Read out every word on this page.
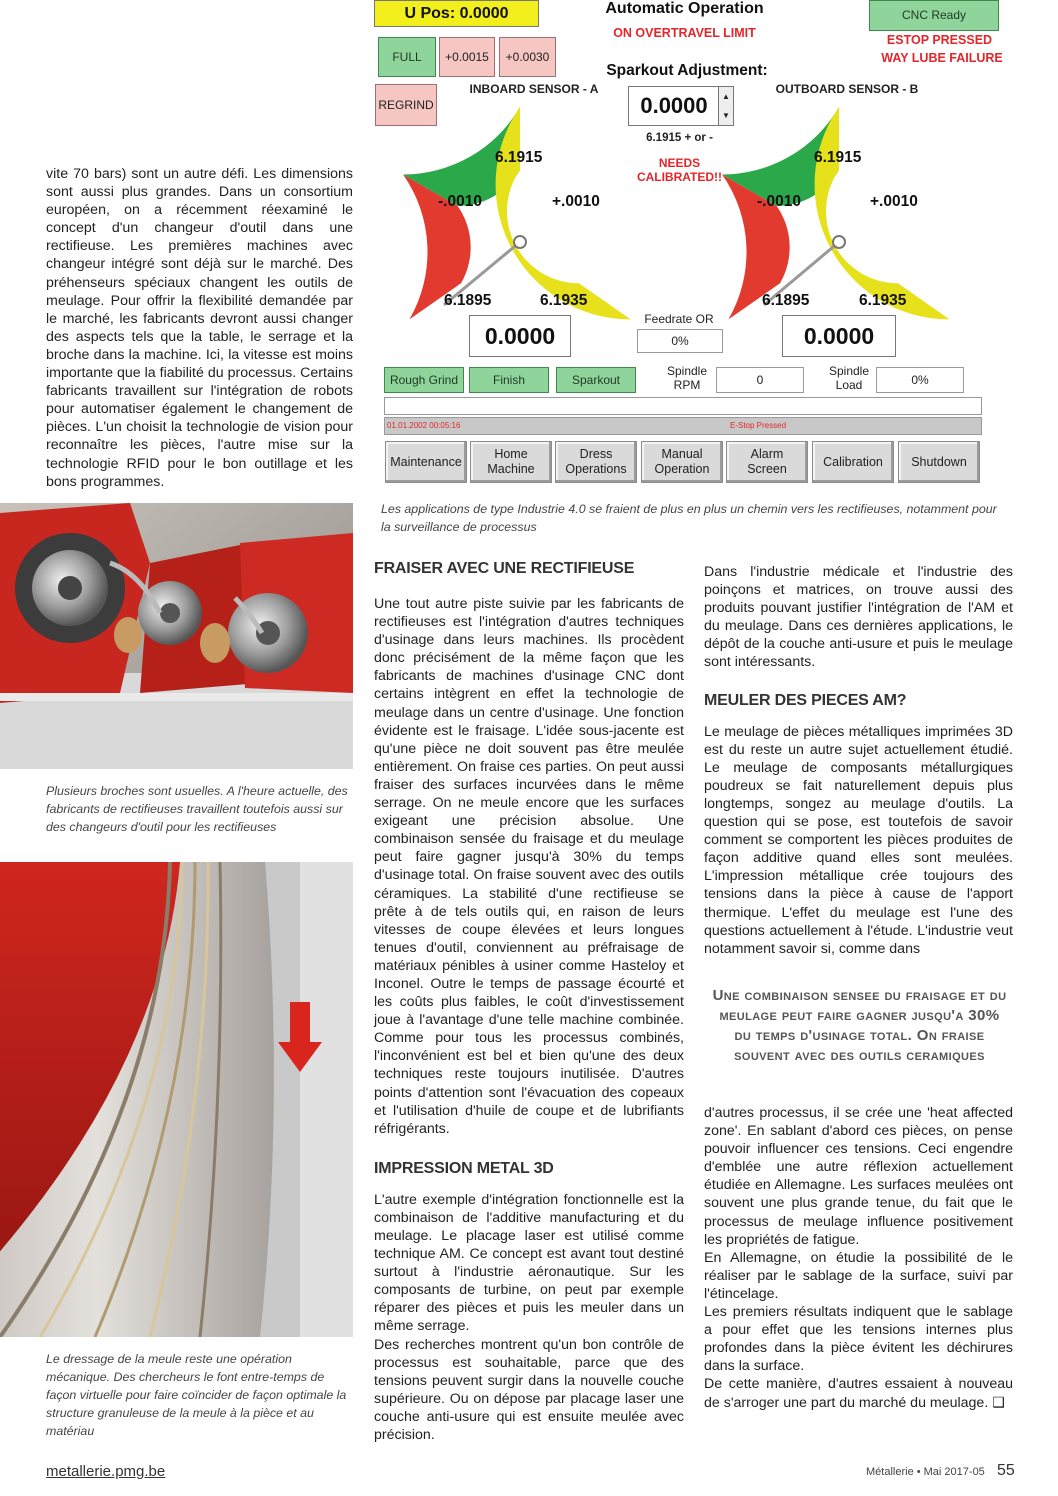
U Pos: 0.0000	Automatic Operation
ON OVERTRAVEL LIMIT
CNC Ready
ESTOP PRESSED
WAY LUBE FAILURE
FULL	+0.0015	+0.0030
REGRIND
Sparkout Adjustment:
INBOARD SENSOR - A	OUTBOARD SENSOR - B
0.0000	▲
▼
6.1915 + or -
NEEDS
CALIBRATED!!
6.1915
-.0010	+.0010
6.1895	6.1935
0.0000
6.1915
-.0010	+.0010
6.1895	6.1935
0.0000
Feedrate OR
0%
Rough Grind	Finish	Sparkout
Spindle
RPM	0
Spindle
Load	0%
01.01.2002 00:05:16	E-Stop Pressed
Maintenance
Home
Machine
Dress
Operations
Manual
Operation
Alarm
Screen
Calibration Shutdown
Les applications de type Industrie 4.0 se fraient de plus en plus un chemin vers les rectifieuses, notamment pour la surveillance de processus
vite 70 bars) sont un autre défi. Les dimensions sont aussi plus grandes. Dans un consortium européen, on a récemment réexaminé le concept d'un changeur d'outil dans une rectifieuse. Les premières machines avec changeur intégré sont déjà sur le marché. Des préhenseurs spéciaux changent les outils de meulage. Pour offrir la flexibilité demandée par le marché, les fabricants devront aussi changer des aspects tels que la table, le serrage et la broche dans la machine. Ici, la vitesse est moins importante que la fiabilité du processus. Certains fabricants travaillent sur l'intégration de robots pour automatiser également le changement de pièces. L'un choisit la technologie de vision pour reconnaître les pièces, l'autre mise sur la technologie RFID pour le bon outillage et les bons programmes.
Plusieurs broches sont usuelles. A l'heure actuelle, des fabricants de rectifieuses travaillent toutefois aussi sur des changeurs d'outil pour les rectifieuses
Le dressage de la meule reste une opération mécanique. Des chercheurs le font entre-temps de façon virtuelle pour faire coïncider de façon optimale la structure granuleuse de la meule à la pièce et au matériau
FRAISER AVEC UNE RECTIFIEUSE

Une tout autre piste suivie par les fabricants de rectifieuses est l'intégration d'autres techniques d'usinage dans leurs machines. Ils procèdent donc précisément de la même façon que les fabricants de machines d'usinage CNC dont certains intègrent en effet la technologie de meulage dans un centre d'usinage. Une fonction évidente est le fraisage. L'idée sous-jacente est qu'une pièce ne doit souvent pas être meulée entièrement. On fraise ces parties. On peut aussi fraiser des surfaces incurvées dans le même serrage. On ne meule encore que les surfaces exigeant une précision absolue. Une combinaison sensée du fraisage et du meulage peut faire gagner jusqu'à 30% du temps d'usinage total. On fraise souvent avec des outils céramiques. La stabilité d'une rectifieuse se prête à de tels outils qui, en raison de leurs vitesses de coupe élevées et leurs longues tenues d'outil, conviennent au préfraisage de matériaux pénibles à usiner comme Hasteloy et Inconel. Outre le temps de passage écourté et les coûts plus faibles, le coût d'investissement joue à l'avantage d'une telle machine combinée. Comme pour tous les processus combinés, l'inconvénient est bel et bien qu'une des deux techniques reste toujours inutilisée. D'autres points d'attention sont l'évacuation des copeaux et l'utilisation d'huile de coupe et de lubrifiants réfrigérants.

IMPRESSION METAL 3D

L'autre exemple d'intégration fonctionnelle est la combinaison de l'additive manufacturing et du meulage. Le placage laser est utilisé comme technique AM. Ce concept est avant tout destiné surtout à l'industrie aéronautique. Sur les composants de turbine, on peut par exemple réparer des pièces et puis les meuler dans un même serrage.

Des recherches montrent qu'un bon contrôle de processus est souhaitable, parce que des tensions peuvent surgir dans la nouvelle couche supérieure. Ou on dépose par placage laser une couche anti-usure qui est ensuite meulée avec précision.

Dans l'industrie médicale et l'industrie des poinçons et matrices, on trouve aussi des produits pouvant justifier l'intégration de l'AM et du meulage. Dans ces dernières applications, le dépôt de la couche anti-usure et puis le meulage sont intéressants.

MEULER DES PIECES AM?

Le meulage de pièces métalliques imprimées 3D est du reste un autre sujet actuellement étudié. Le meulage de composants métallurgiques poudreux se fait naturellement depuis plus longtemps, songez au meulage d'outils. La question qui se pose, est toutefois de savoir comment se comportent les pièces produites de façon additive quand elles sont meulées. L'impression métallique crée toujours des tensions dans la pièce à cause de l'apport thermique. L'effet du meulage est l'une des questions actuellement à l'étude. L'industrie veut notamment savoir si, comme dans

Une combinaison sensee du fraisage et du meulage peut faire gagner jusqu'a 30% du temps d'usinage total. On fraise souvent avec des outils ceramiques

d'autres processus, il se crée une 'heat affected zone'. En sablant d'abord ces pièces, on pense pouvoir influencer ces tensions. Ceci engendre d'emblée une autre réflexion actuellement étudiée en Allemagne. Les surfaces meulées ont souvent une plus grande tenue, du fait que le processus de meulage influence positivement les propriétés de fatigue.

En Allemagne, on étudie la possibilité de le réaliser par le sablage de la surface, suivi par l'étincelage.

Les premiers résultats indiquent que le sablage a pour effet que les tensions internes plus profondes dans la pièce évitent les déchirures dans la surface.

De cette manière, d'autres essaient à nouveau de s'arroger une part du marché du meulage. ❑

metallerie.pmg.be	Métallerie • Mai 2017-05 55
